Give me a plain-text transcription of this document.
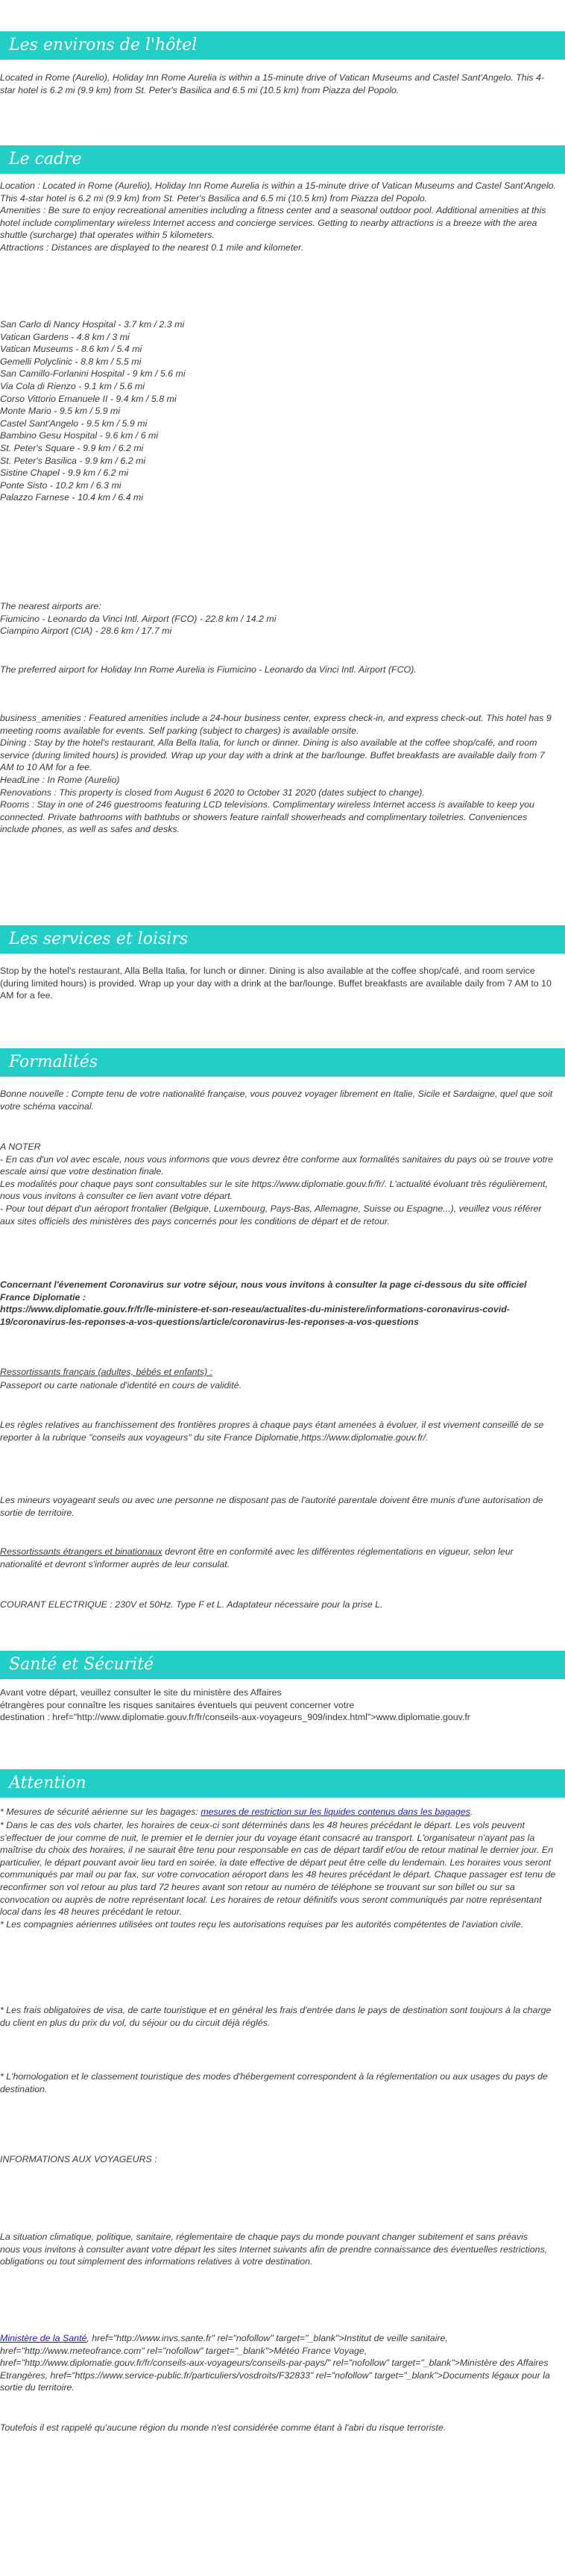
Les environs de l'hôtel

Located in Rome (Aurelio), Holiday Inn Rome Aurelia is within a 15-minute drive of Vatican Museums and Castel Sant'Angelo. This 4-star hotel is 6.2 mi (9.9 km) from St. Peter's Basilica and 6.5 mi (10.5 km) from Piazza del Popolo.

Le cadre

Location : Located in Rome (Aurelio), Holiday Inn Rome Aurelia is within a 15-minute drive of Vatican Museums and Castel Sant'Angelo. This 4-star hotel is 6.2 mi (9.9 km) from St. Peter's Basilica and 6.5 mi (10.5 km) from Piazza del Popolo.
Amenities : Be sure to enjoy recreational amenities including a fitness center and a seasonal outdoor pool. Additional amenities at this hotel include complimentary wireless Internet access and concierge services. Getting to nearby attractions is a breeze with the area shuttle (surcharge) that operates within 5 kilometers.
Attractions : Distances are displayed to the nearest 0.1 mile and kilometer.

San Carlo di Nancy Hospital - 3.7 km / 2.3 mi
Vatican Gardens - 4.8 km / 3 mi
Vatican Museums - 8.6 km / 5.4 mi
Gemelli Polyclinic - 8.8 km / 5.5 mi
San Camillo-Forlanini Hospital - 9 km / 5.6 mi
Via Cola di Rienzo - 9.1 km / 5.6 mi
Corso Vittorio Emanuele II - 9.4 km / 5.8 mi
Monte Mario - 9.5 km / 5.9 mi
Castel Sant'Angelo - 9.5 km / 5.9 mi
Bambino Gesu Hospital - 9.6 km / 6 mi
St. Peter's Square - 9.9 km / 6.2 mi
St. Peter's Basilica - 9.9 km / 6.2 mi
Sistine Chapel - 9.9 km / 6.2 mi
Ponte Sisto - 10.2 km / 6.3 mi
Palazzo Farnese - 10.4 km / 6.4 mi

The nearest airports are:
Fiumicino - Leonardo da Vinci Intl. Airport (FCO) - 22.8 km / 14.2 mi
Ciampino Airport (CIA) - 28.6 km / 17.7 mi

The preferred airport for Holiday Inn Rome Aurelia is Fiumicino - Leonardo da Vinci Intl. Airport (FCO).

business_amenities : Featured amenities include a 24-hour business center, express check-in, and express check-out. This hotel has 9 meeting rooms available for events. Self parking (subject to charges) is available onsite.
Dining : Stay by the hotel's restaurant, Alla Bella Italia, for lunch or dinner. Dining is also available at the coffee shop/café, and room service (during limited hours) is provided. Wrap up your day with a drink at the bar/lounge. Buffet breakfasts are available daily from 7 AM to 10 AM for a fee.
HeadLine : In Rome (Aurelio)
Renovations : This property is closed from August 6 2020 to October 31 2020 (dates subject to change).
Rooms : Stay in one of 246 guestrooms featuring LCD televisions. Complimentary wireless Internet access is available to keep you connected. Private bathrooms with bathtubs or showers feature rainfall showerheads and complimentary toiletries. Conveniences include phones, as well as safes and desks.

Les services et loisirs

Stop by the hotel's restaurant, Alla Bella Italia, for lunch or dinner. Dining is also available at the coffee shop/café, and room service (during limited hours) is provided. Wrap up your day with a drink at the bar/lounge. Buffet breakfasts are available daily from 7 AM to 10 AM for a fee.

Formalités

Bonne nouvelle : Compte tenu de votre nationalité française, vous pouvez voyager librement en Italie, Sicile et Sardaigne, quel que soit votre schéma vaccinal.

A NOTER
- En cas d'un vol avec escale, nous vous informons que vous devrez être conforme aux formalités sanitaires du pays où se trouve votre escale ainsi que votre destination finale.
Les modalités pour chaque pays sont consultables sur le site https://www.diplomatie.gouv.fr/fr/. L'actualité évoluant très régulièrement, nous vous invitons à consulter ce lien avant votre départ.
- Pour tout départ d'un aéroport frontalier (Belgique, Luxembourg, Pays-Bas, Allemagne, Suisse ou Espagne...), veuillez vous référer aux sites officiels des ministères des pays concernés pour les conditions de départ et de retour.

Concernant l'évenement Coronavirus sur votre séjour, nous vous invitons à consulter la page ci-dessous du site officiel France Diplomatie :
https://www.diplomatie.gouv.fr/fr/le-ministere-et-son-reseau/actualites-du-ministere/informations-coronavirus-covid-19/coronavirus-les-reponses-a-vos-questions/article/coronavirus-les-reponses-a-vos-questions

Ressortissants français (adultes, bébés et enfants) :

Passeport ou carte nationale d'identité en cours de validité.

Les règles relatives au franchissement des frontières propres à chaque pays étant amenées à évoluer, il est vivement conseillé de se reporter à la rubrique "conseils aux voyageurs" du site France Diplomatie,https://www.diplomatie.gouv.fr/.

Les mineurs voyageant seuls ou avec une personne ne disposant pas de l'autorité parentale doivent être munis d'une autorisation de sortie de territoire.

Ressortissants étrangers et binationaux devront être en conformité avec les différentes réglementations en vigueur, selon leur nationalité et devront s'informer auprès de leur consulat.

COURANT ELECTRIQUE : 230V et 50Hz. Type F et L. Adaptateur nécessaire pour la prise L.

Santé et Sécurité

Avant votre départ, veuillez consulter le site du ministère des Affaires
étrangères pour connaître les risques sanitaires éventuels qui peuvent concerner votre
destination : href="http://www.diplomatie.gouv.fr/fr/conseils-aux-voyageurs_909/index.html">www.diplomatie.gouv.fr

Attention

* Mesures de sécurité aérienne sur les bagages: mesures de restriction sur les liquides contenus dans les bagages.

* Dans le cas des vols charter, les horaires de ceux-ci sont déterminés dans les 48 heures précédant le départ. Les vols peuvent s'effectuer de jour comme de nuit, le premier et le dernier jour du voyage étant consacré au transport. L'organisateur n'ayant pas la maîtrise du choix des horaires, il ne saurait être tenu pour responsable en cas de départ tardif et/ou de retour matinal le dernier jour. En particulier, le départ pouvant avoir lieu tard en soirée, la date effective de départ peut être celle du lendemain. Les horaires vous seront communiqués par mail ou par fax, sur votre convocation aéroport dans les 48 heures précédant le départ. Chaque passager est tenu de reconfirmer son vol retour au plus tard 72 heures avant son retour au numéro de téléphone se trouvant sur son billet ou sur sa convocation ou auprès de notre représentant local. Les horaires de retour définitifs vous seront communiqués par notre représentant local dans les 48 heures précédant le retour.
* Les compagnies aériennes utilisées ont toutes reçu les autorisations requises par les autorités compétentes de l'aviation civile.

* Les frais obligatoires de visa, de carte touristique et en général les frais d'entrée dans le pays de destination sont toujours à la charge du client en plus du prix du vol, du séjour ou du circuit déjà réglés.

* L'homologation et le classement touristique des modes d'hébergement correspondent à la réglementation ou aux usages du pays de destination.

INFORMATIONS AUX VOYAGEURS :

La situation climatique, politique, sanitaire, réglementaire de chaque pays du monde pouvant changer subitement et sans préavis
nous vous invitons à consulter avant votre départ les sites Internet suivants afin de prendre connaissance des éventuelles restrictions, obligations ou tout simplement des informations relatives à votre destination.

Ministère de la Santé, href="http://www.invs.sante.fr" rel="nofollow" target="_blank">Institut de veille sanitaire, href="http://www.meteofrance.com" rel="nofollow" target="_blank">Météo France Voyage, href="http://www.diplomatie.gouv.fr/fr/conseils-aux-voyageurs/conseils-par-pays/" rel="nofollow" target="_blank">Ministère des Affaires Etrangères, href="https://www.service-public.fr/particuliers/vosdroits/F32833" rel="nofollow" target="_blank">Documents légaux pour la sortie du territoire.

Toutefois il est rappelé qu'aucune région du monde n'est considérée comme étant à l'abri du risque terroriste.
